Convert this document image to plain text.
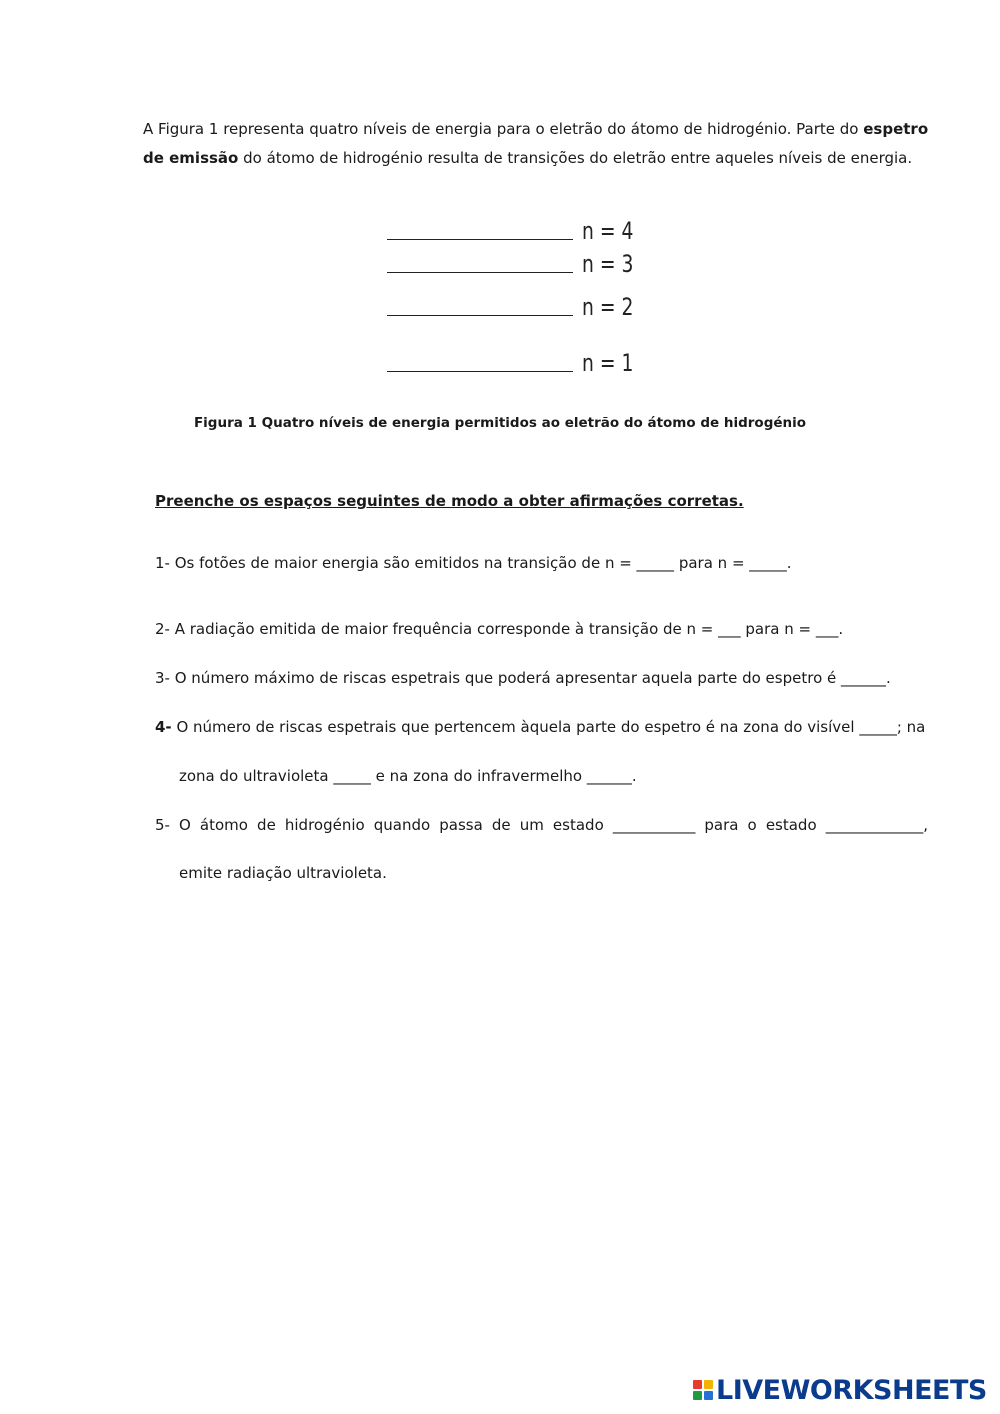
A Figura 1 representa quatro níveis de energia para o eletrão do átomo de hidrogénio. Parte do espetro de emissão do átomo de hidrogénio resulta de transições do eletrão entre aqueles níveis de energia.

n = 4
n = 3
n = 2
n = 1

Figura 1 Quatro níveis de energia permitidos ao eletrão do átomo de hidrogénio

Preenche os espaços seguintes de modo a obter afirmações corretas.

1- Os fotões de maior energia são emitidos na transição de n = _____ para n = _____.

2- A radiação emitida de maior frequência corresponde à transição de n = ___ para n = ___.

3- O número máximo de riscas espetrais que poderá apresentar aquela parte do espetro é ______.

4- O número de riscas espetrais que pertencem àquela parte do espetro é na zona do visível _____; na

zona do ultravioleta _____ e na zona do infravermelho ______.

5- O átomo de hidrogénio quando passa de um estado ___________ para o estado _____________,

emite radiação ultravioleta.

LIVEWORKSHEETS
